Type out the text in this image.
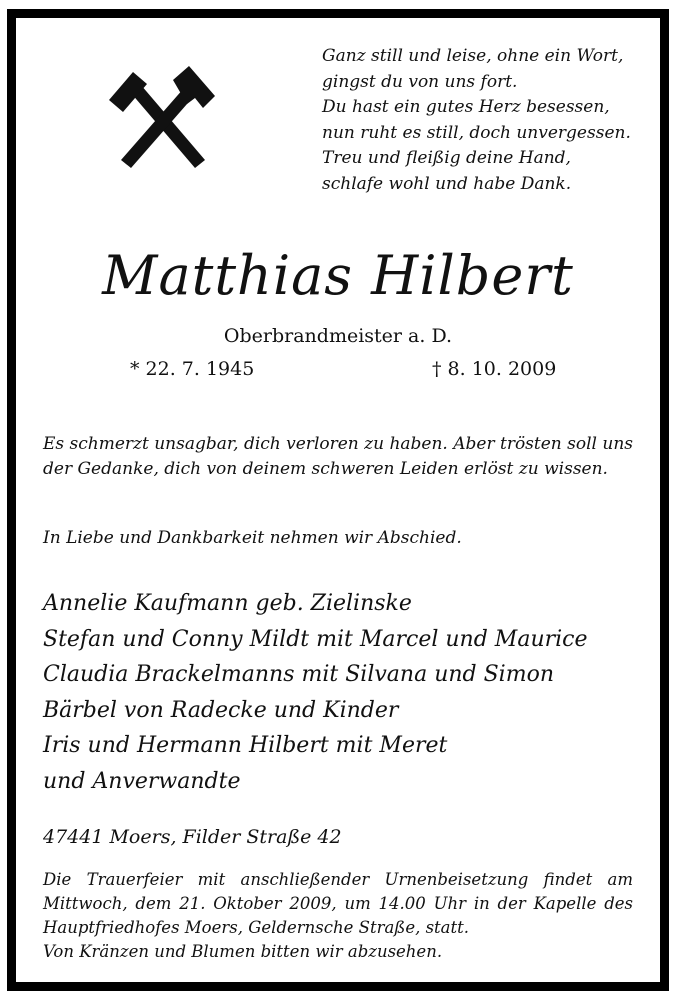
Ganz still und leise, ohne ein Wort,
gingst du von uns fort.
Du hast ein gutes Herz besessen,
nun ruht es still, doch unvergessen.
Treu und fleißig deine Hand,
schlafe wohl und habe Dank.
Matthias Hilbert
Oberbrandmeister a. D.
* 22. 7. 1945	† 8. 10. 2009
Es schmerzt unsagbar, dich verloren zu haben. Aber trösten soll uns
der Gedanke, dich von deinem schweren Leiden erlöst zu wissen.
In Liebe und Dankbarkeit nehmen wir Abschied.
Annelie Kaufmann geb. Zielinske
Stefan und Conny Mildt mit Marcel und Maurice
Claudia Brackelmanns mit Silvana und Simon
Bärbel von Radecke und Kinder
Iris und Hermann Hilbert mit Meret
und Anverwandte
47441 Moers, Filder Straße 42
Die Trauerfeier mit anschließender Urnenbeisetzung findet am
Mittwoch, dem 21. Oktober 2009, um 14.00 Uhr in der Kapelle des
Hauptfriedhofes Moers, Geldernsche Straße, statt.
Von Kränzen und Blumen bitten wir abzusehen.
